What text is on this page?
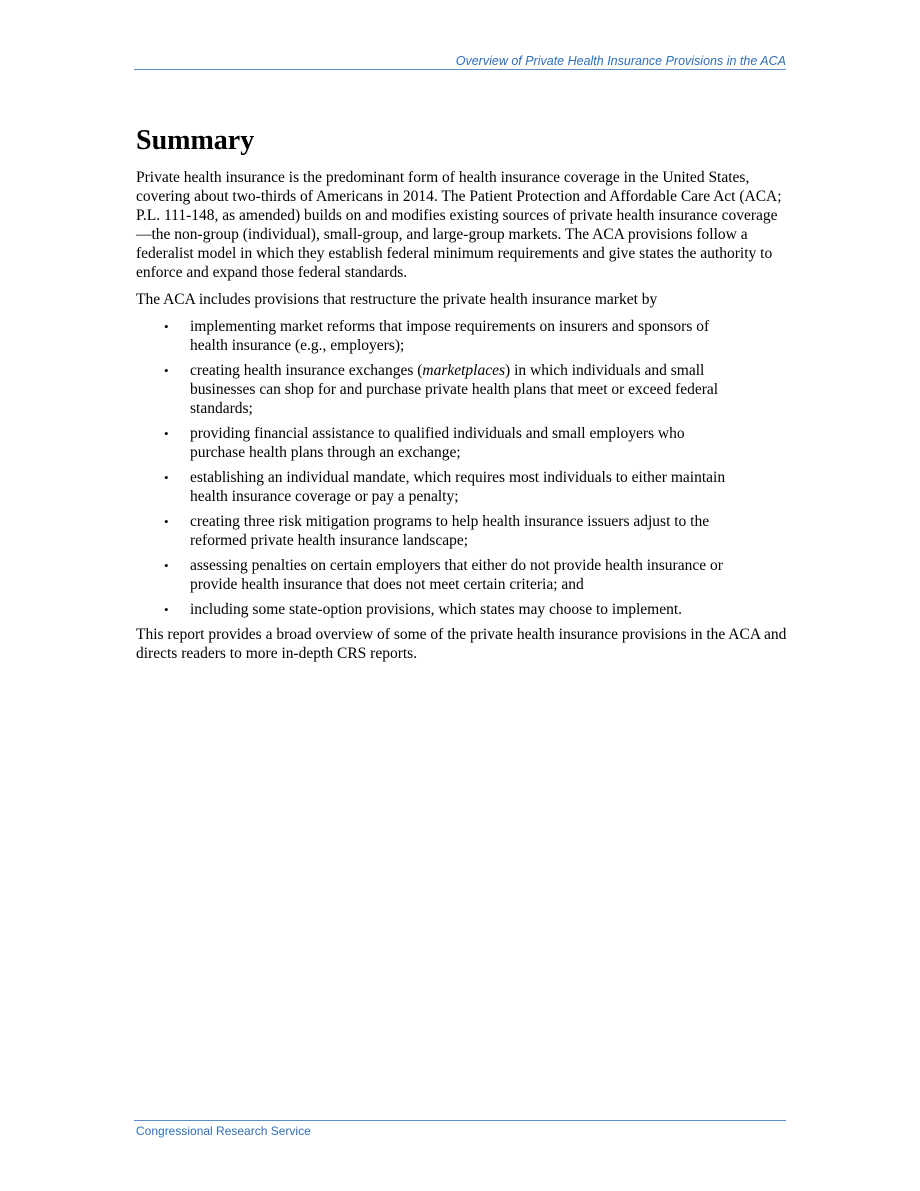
Overview of Private Health Insurance Provisions in the ACA
Summary

Private health insurance is the predominant form of health insurance coverage in the United States, covering about two-thirds of Americans in 2014. The Patient Protection and Affordable Care Act (ACA; P.L. 111-148, as amended) builds on and modifies existing sources of private health insurance coverage—the non-group (individual), small-group, and large-group markets. The ACA provisions follow a federalist model in which they establish federal minimum requirements and give states the authority to enforce and expand those federal standards.

The ACA includes provisions that restructure the private health insurance market by

• implementing market reforms that impose requirements on insurers and sponsors of health insurance (e.g., employers);
• creating health insurance exchanges (marketplaces) in which individuals and small businesses can shop for and purchase private health plans that meet or exceed federal standards;
• providing financial assistance to qualified individuals and small employers who purchase health plans through an exchange;
• establishing an individual mandate, which requires most individuals to either maintain health insurance coverage or pay a penalty;
• creating three risk mitigation programs to help health insurance issuers adjust to the reformed private health insurance landscape;
• assessing penalties on certain employers that either do not provide health insurance or provide health insurance that does not meet certain criteria; and
• including some state-option provisions, which states may choose to implement.

This report provides a broad overview of some of the private health insurance provisions in the ACA and directs readers to more in-depth CRS reports.

Congressional Research Service
